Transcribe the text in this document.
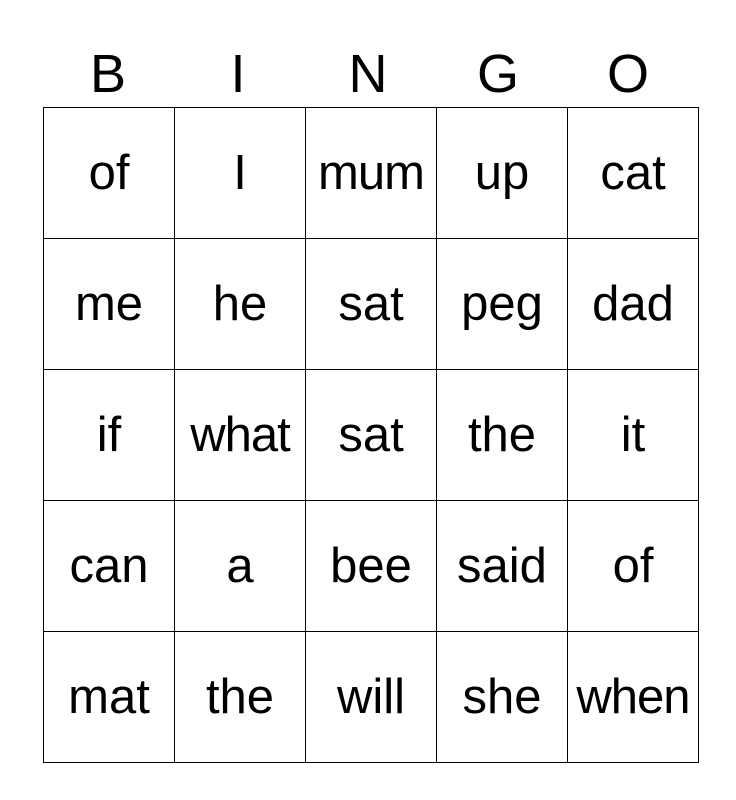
B	I	N	G	O
of	I	mum	up	cat
me	he	sat	peg	dad
if	what	sat	the	it
can	a	bee	said	of
mat	the	will	she	when
